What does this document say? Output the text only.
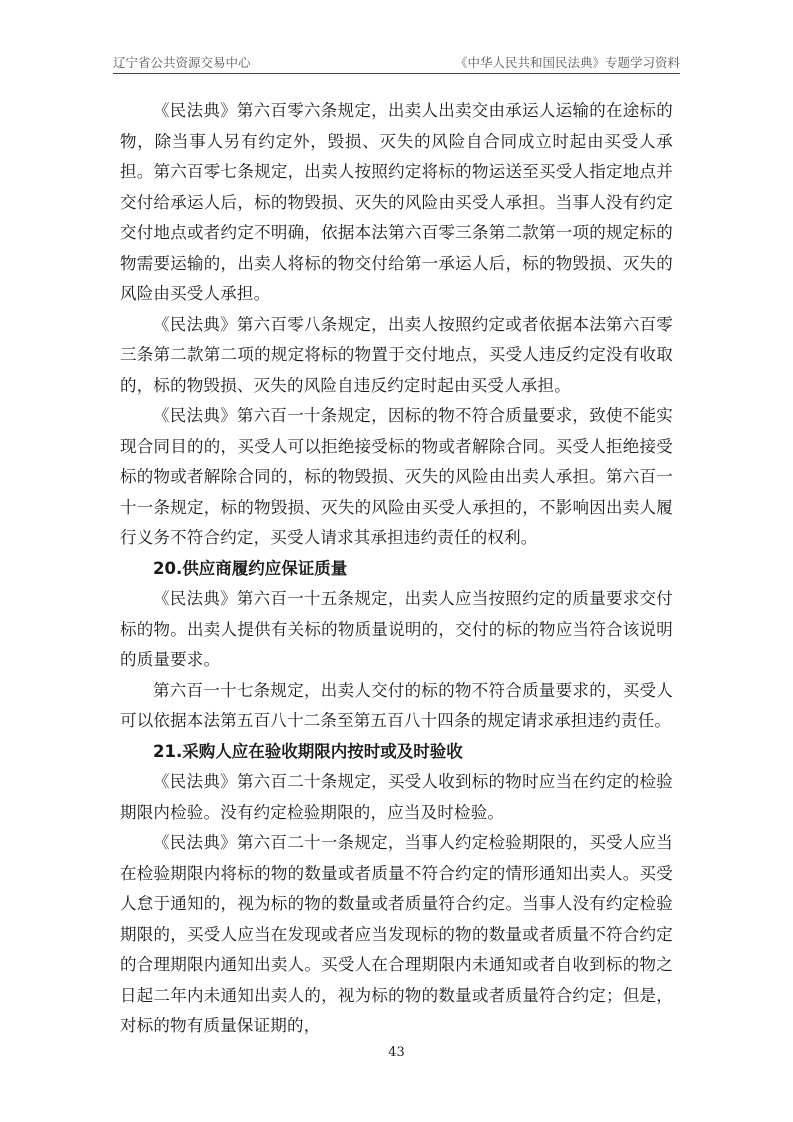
辽宁省公共资源交易中心	《中华人民共和国民法典》专题学习资料

《民法典》第六百零六条规定，出卖人出卖交由承运人运输的在途标的物，除当事人另有约定外，毁损、灭失的风险自合同成立时起由买受人承担。第六百零七条规定，出卖人按照约定将标的物运送至买受人指定地点并交付给承运人后，标的物毁损、灭失的风险由买受人承担。当事人没有约定交付地点或者约定不明确，依据本法第六百零三条第二款第一项的规定标的物需要运输的，出卖人将标的物交付给第一承运人后，标的物毁损、灭失的风险由买受人承担。

《民法典》第六百零八条规定，出卖人按照约定或者依据本法第六百零三条第二款第二项的规定将标的物置于交付地点，买受人违反约定没有收取的，标的物毁损、灭失的风险自违反约定时起由买受人承担。

《民法典》第六百一十条规定，因标的物不符合质量要求，致使不能实现合同目的的，买受人可以拒绝接受标的物或者解除合同。买受人拒绝接受标的物或者解除合同的，标的物毁损、灭失的风险由出卖人承担。第六百一十一条规定，标的物毁损、灭失的风险由买受人承担的，不影响因出卖人履行义务不符合约定，买受人请求其承担违约责任的权利。

20.供应商履约应保证质量

《民法典》第六百一十五条规定，出卖人应当按照约定的质量要求交付标的物。出卖人提供有关标的物质量说明的，交付的标的物应当符合该说明的质量要求。

第六百一十七条规定，出卖人交付的标的物不符合质量要求的，买受人可以依据本法第五百八十二条至第五百八十四条的规定请求承担违约责任。

21.采购人应在验收期限内按时或及时验收

《民法典》第六百二十条规定，买受人收到标的物时应当在约定的检验期限内检验。没有约定检验期限的，应当及时检验。

《民法典》第六百二十一条规定，当事人约定检验期限的，买受人应当在检验期限内将标的物的数量或者质量不符合约定的情形通知出卖人。买受人怠于通知的，视为标的物的数量或者质量符合约定。当事人没有约定检验期限的，买受人应当在发现或者应当发现标的物的数量或者质量不符合约定的合理期限内通知出卖人。买受人在合理期限内未通知或者自收到标的物之日起二年内未通知出卖人的，视为标的物的数量或者质量符合约定；但是，对标的物有质量保证期的，

43
